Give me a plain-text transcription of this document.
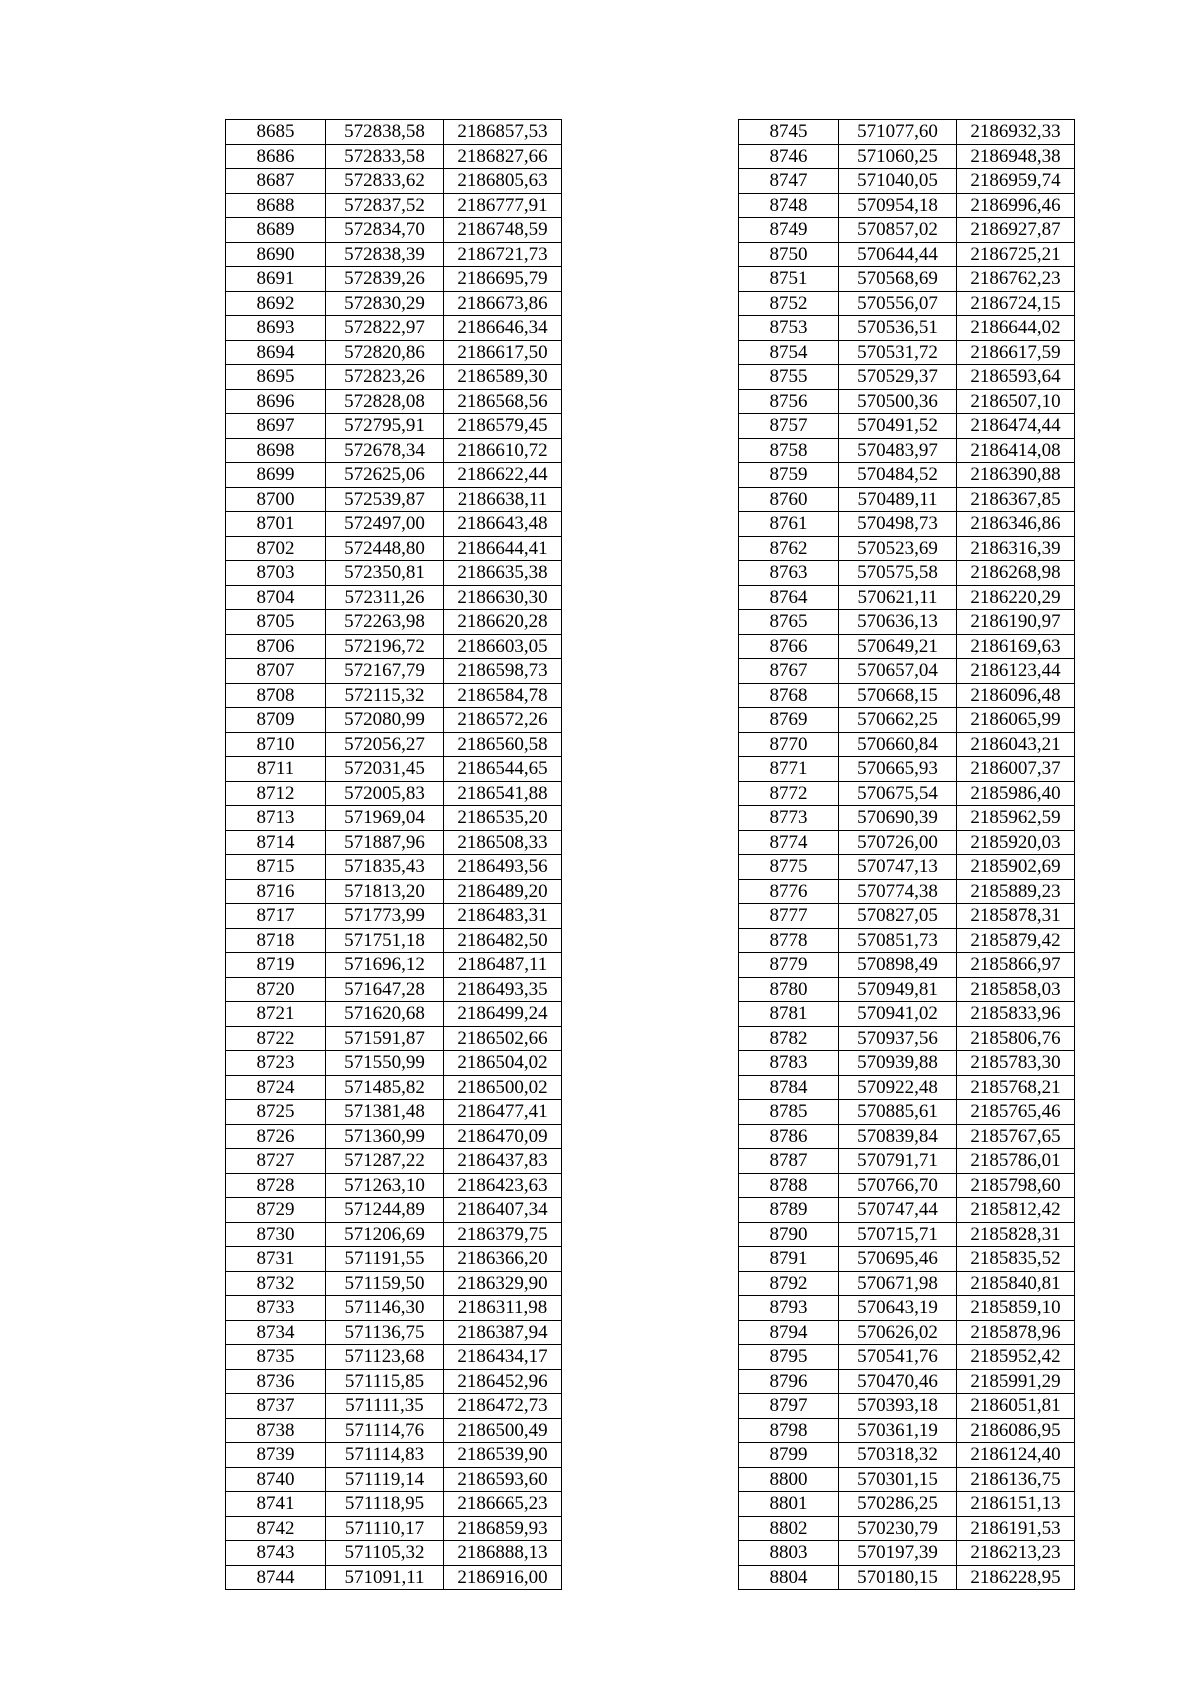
8685	572838,58	2186857,53
8686	572833,58	2186827,66
8687	572833,62	2186805,63
8688	572837,52	2186777,91
8689	572834,70	2186748,59
8690	572838,39	2186721,73
8691	572839,26	2186695,79
8692	572830,29	2186673,86
8693	572822,97	2186646,34
8694	572820,86	2186617,50
8695	572823,26	2186589,30
8696	572828,08	2186568,56
8697	572795,91	2186579,45
8698	572678,34	2186610,72
8699	572625,06	2186622,44
8700	572539,87	2186638,11
8701	572497,00	2186643,48
8702	572448,80	2186644,41
8703	572350,81	2186635,38
8704	572311,26	2186630,30
8705	572263,98	2186620,28
8706	572196,72	2186603,05
8707	572167,79	2186598,73
8708	572115,32	2186584,78
8709	572080,99	2186572,26
8710	572056,27	2186560,58
8711	572031,45	2186544,65
8712	572005,83	2186541,88
8713	571969,04	2186535,20
8714	571887,96	2186508,33
8715	571835,43	2186493,56
8716	571813,20	2186489,20
8717	571773,99	2186483,31
8718	571751,18	2186482,50
8719	571696,12	2186487,11
8720	571647,28	2186493,35
8721	571620,68	2186499,24
8722	571591,87	2186502,66
8723	571550,99	2186504,02
8724	571485,82	2186500,02
8725	571381,48	2186477,41
8726	571360,99	2186470,09
8727	571287,22	2186437,83
8728	571263,10	2186423,63
8729	571244,89	2186407,34
8730	571206,69	2186379,75
8731	571191,55	2186366,20
8732	571159,50	2186329,90
8733	571146,30	2186311,98
8734	571136,75	2186387,94
8735	571123,68	2186434,17
8736	571115,85	2186452,96
8737	571111,35	2186472,73
8738	571114,76	2186500,49
8739	571114,83	2186539,90
8740	571119,14	2186593,60
8741	571118,95	2186665,23
8742	571110,17	2186859,93
8743	571105,32	2186888,13
8744	571091,11	2186916,00
8745	571077,60	2186932,33
8746	571060,25	2186948,38
8747	571040,05	2186959,74
8748	570954,18	2186996,46
8749	570857,02	2186927,87
8750	570644,44	2186725,21
8751	570568,69	2186762,23
8752	570556,07	2186724,15
8753	570536,51	2186644,02
8754	570531,72	2186617,59
8755	570529,37	2186593,64
8756	570500,36	2186507,10
8757	570491,52	2186474,44
8758	570483,97	2186414,08
8759	570484,52	2186390,88
8760	570489,11	2186367,85
8761	570498,73	2186346,86
8762	570523,69	2186316,39
8763	570575,58	2186268,98
8764	570621,11	2186220,29
8765	570636,13	2186190,97
8766	570649,21	2186169,63
8767	570657,04	2186123,44
8768	570668,15	2186096,48
8769	570662,25	2186065,99
8770	570660,84	2186043,21
8771	570665,93	2186007,37
8772	570675,54	2185986,40
8773	570690,39	2185962,59
8774	570726,00	2185920,03
8775	570747,13	2185902,69
8776	570774,38	2185889,23
8777	570827,05	2185878,31
8778	570851,73	2185879,42
8779	570898,49	2185866,97
8780	570949,81	2185858,03
8781	570941,02	2185833,96
8782	570937,56	2185806,76
8783	570939,88	2185783,30
8784	570922,48	2185768,21
8785	570885,61	2185765,46
8786	570839,84	2185767,65
8787	570791,71	2185786,01
8788	570766,70	2185798,60
8789	570747,44	2185812,42
8790	570715,71	2185828,31
8791	570695,46	2185835,52
8792	570671,98	2185840,81
8793	570643,19	2185859,10
8794	570626,02	2185878,96
8795	570541,76	2185952,42
8796	570470,46	2185991,29
8797	570393,18	2186051,81
8798	570361,19	2186086,95
8799	570318,32	2186124,40
8800	570301,15	2186136,75
8801	570286,25	2186151,13
8802	570230,79	2186191,53
8803	570197,39	2186213,23
8804	570180,15	2186228,95
